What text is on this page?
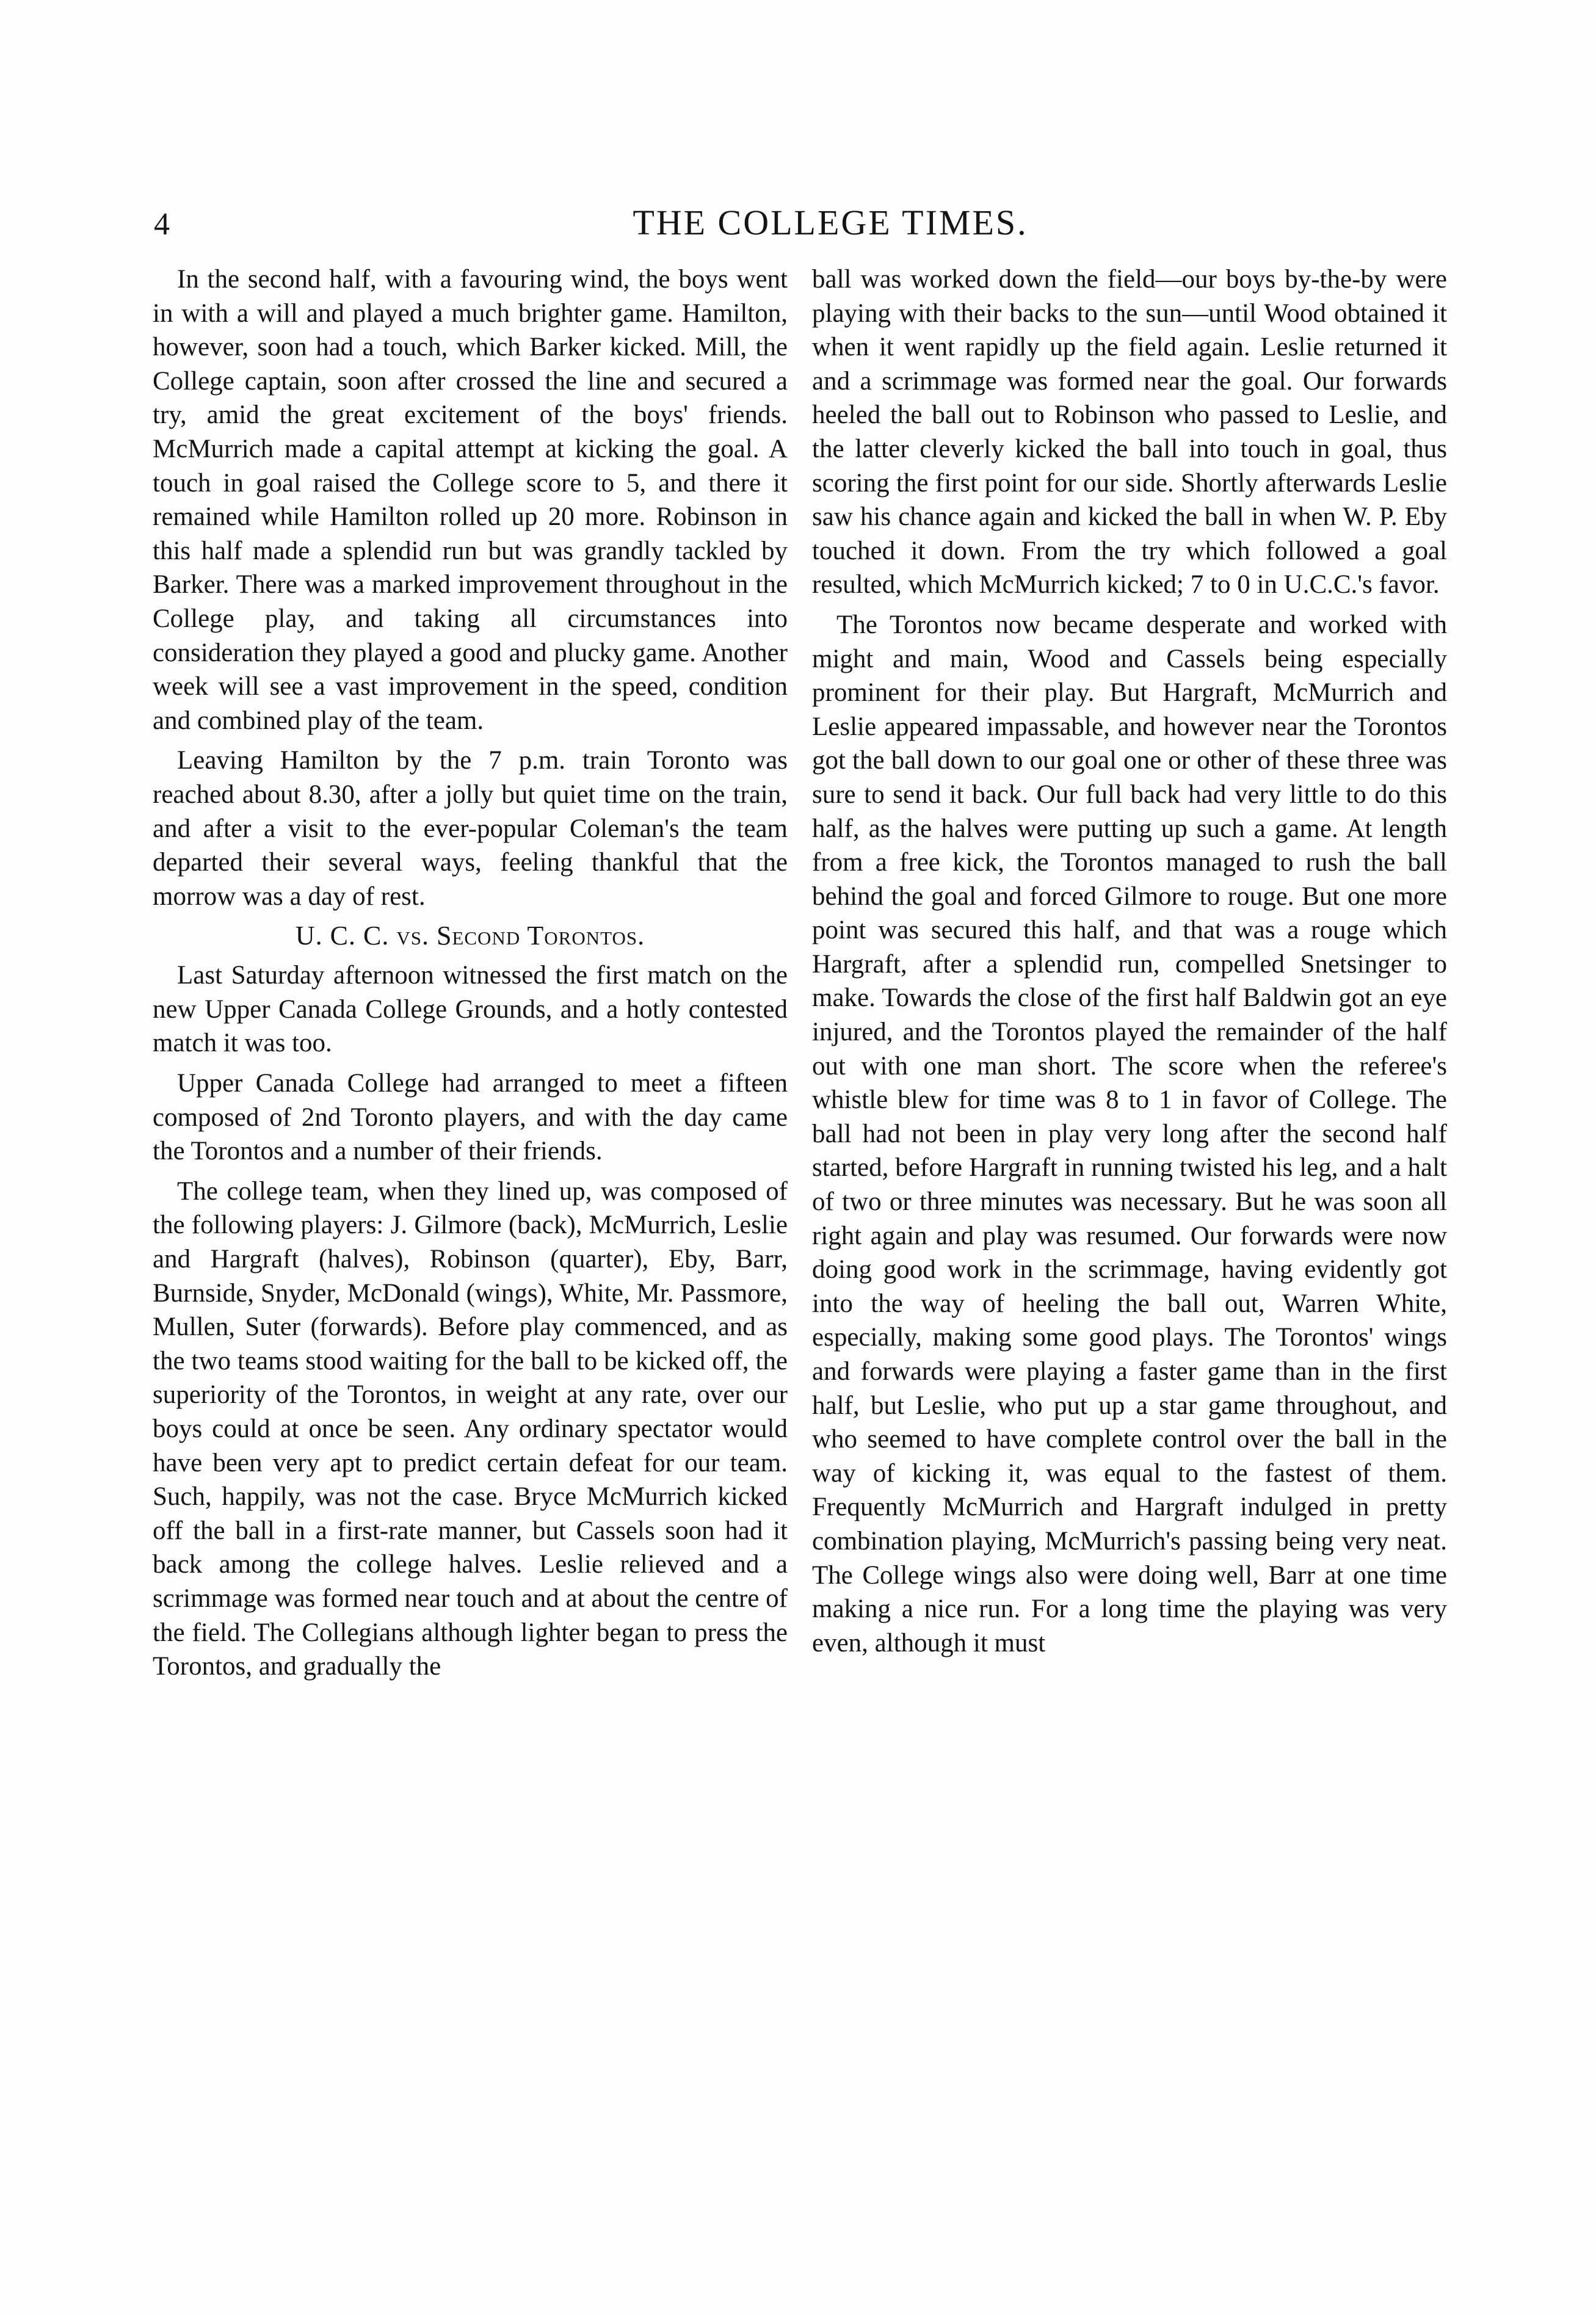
4	THE COLLEGE TIMES.

In the second half, with a favouring wind, the boys went in with a will and played a much brighter game. Hamilton, however, soon had a touch, which Barker kicked. Mill, the College captain, soon after crossed the line and secured a try, amid the great excitement of the boys' friends. McMurrich made a capital attempt at kicking the goal. A touch in goal raised the College score to 5, and there it remained while Hamilton rolled up 20 more. Robinson in this half made a splendid run but was grandly tackled by Barker. There was a marked improvement throughout in the College play, and taking all circumstances into consideration they played a good and plucky game. Another week will see a vast improvement in the speed, condition and combined play of the team.

Leaving Hamilton by the 7 p.m. train Toronto was reached about 8.30, after a jolly but quiet time on the train, and after a visit to the ever-popular Coleman's the team departed their several ways, feeling thankful that the morrow was a day of rest.

U. C. C. vs. Second Torontos.

Last Saturday afternoon witnessed the first match on the new Upper Canada College Grounds, and a hotly contested match it was too.

Upper Canada College had arranged to meet a fifteen composed of 2nd Toronto players, and with the day came the Torontos and a number of their friends.

The college team, when they lined up, was composed of the following players: J. Gilmore (back), McMurrich, Leslie and Hargraft (halves), Robinson (quarter), Eby, Barr, Burnside, Snyder, McDonald (wings), White, Mr. Passmore, Mullen, Suter (forwards). Before play commenced, and as the two teams stood waiting for the ball to be kicked off, the superiority of the Torontos, in weight at any rate, over our boys could at once be seen. Any ordinary spectator would have been very apt to predict certain defeat for our team. Such, happily, was not the case. Bryce McMurrich kicked off the ball in a first-rate manner, but Cassels soon had it back among the college halves. Leslie relieved and a scrimmage was formed near touch and at about the centre of the field. The Collegians although lighter began to press the Torontos, and gradually the

ball was worked down the field—our boys by-the-by were playing with their backs to the sun—until Wood obtained it when it went rapidly up the field again. Leslie returned it and a scrimmage was formed near the goal. Our forwards heeled the ball out to Robinson who passed to Leslie, and the latter cleverly kicked the ball into touch in goal, thus scoring the first point for our side. Shortly afterwards Leslie saw his chance again and kicked the ball in when W. P. Eby touched it down. From the try which followed a goal resulted, which McMurrich kicked; 7 to 0 in U.C.C.'s favor.

The Torontos now became desperate and worked with might and main, Wood and Cassels being especially prominent for their play. But Hargraft, McMurrich and Leslie appeared impassable, and however near the Torontos got the ball down to our goal one or other of these three was sure to send it back. Our full back had very little to do this half, as the halves were putting up such a game. At length from a free kick, the Torontos managed to rush the ball behind the goal and forced Gilmore to rouge. But one more point was secured this half, and that was a rouge which Hargraft, after a splendid run, compelled Snetsinger to make. Towards the close of the first half Baldwin got an eye injured, and the Torontos played the remainder of the half out with one man short. The score when the referee's whistle blew for time was 8 to 1 in favor of College. The ball had not been in play very long after the second half started, before Hargraft in running twisted his leg, and a halt of two or three minutes was necessary. But he was soon all right again and play was resumed. Our forwards were now doing good work in the scrimmage, having evidently got into the way of heeling the ball out, Warren White, especially, making some good plays. The Torontos' wings and forwards were playing a faster game than in the first half, but Leslie, who put up a star game throughout, and who seemed to have complete control over the ball in the way of kicking it, was equal to the fastest of them. Frequently McMurrich and Hargraft indulged in pretty combination playing, McMurrich's passing being very neat. The College wings also were doing well, Barr at one time making a nice run. For a long time the playing was very even, although it must
